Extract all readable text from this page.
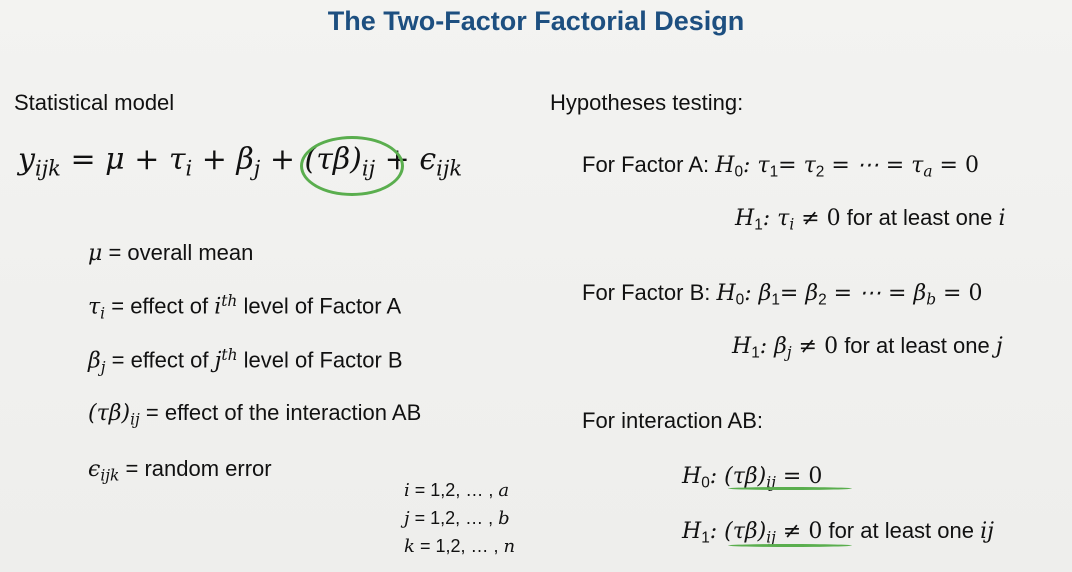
The Two-Factor Factorial Design
Statistical model
$y_{ijk} = \mu + \tau_i + \beta_j + (\tau\beta)_{ij} + \epsilon_{ijk}$
μ = overall mean
$\tau_i$ = effect of $i^{th}$ level of Factor A
$\beta_j$ = effect of $j^{th}$ level of Factor B
$(\tau\beta)_{ij}$ = effect of the interaction AB
$\epsilon_{ijk}$ = random error
i = 1,2, … , a
j = 1,2, … , b
k = 1,2, … , n
Hypotheses testing:
For Factor A: $H_0$: $\tau_1= \tau_2$ = ⋯ = $\tau_a = 0$
$H_1$: $\tau_i \ne 0$ for at least one i
For Factor B: $H_0$: $\beta_1= \beta_2$ = ⋯ = $\beta_b = 0$
$H_1$: $\beta_j \ne 0$ for at least one j
For interaction AB:
$H_0$: $(\tau\beta)_{ij} = 0$
$H_1$: $(\tau\beta)_{ij} \ne 0$ for at least one ij
